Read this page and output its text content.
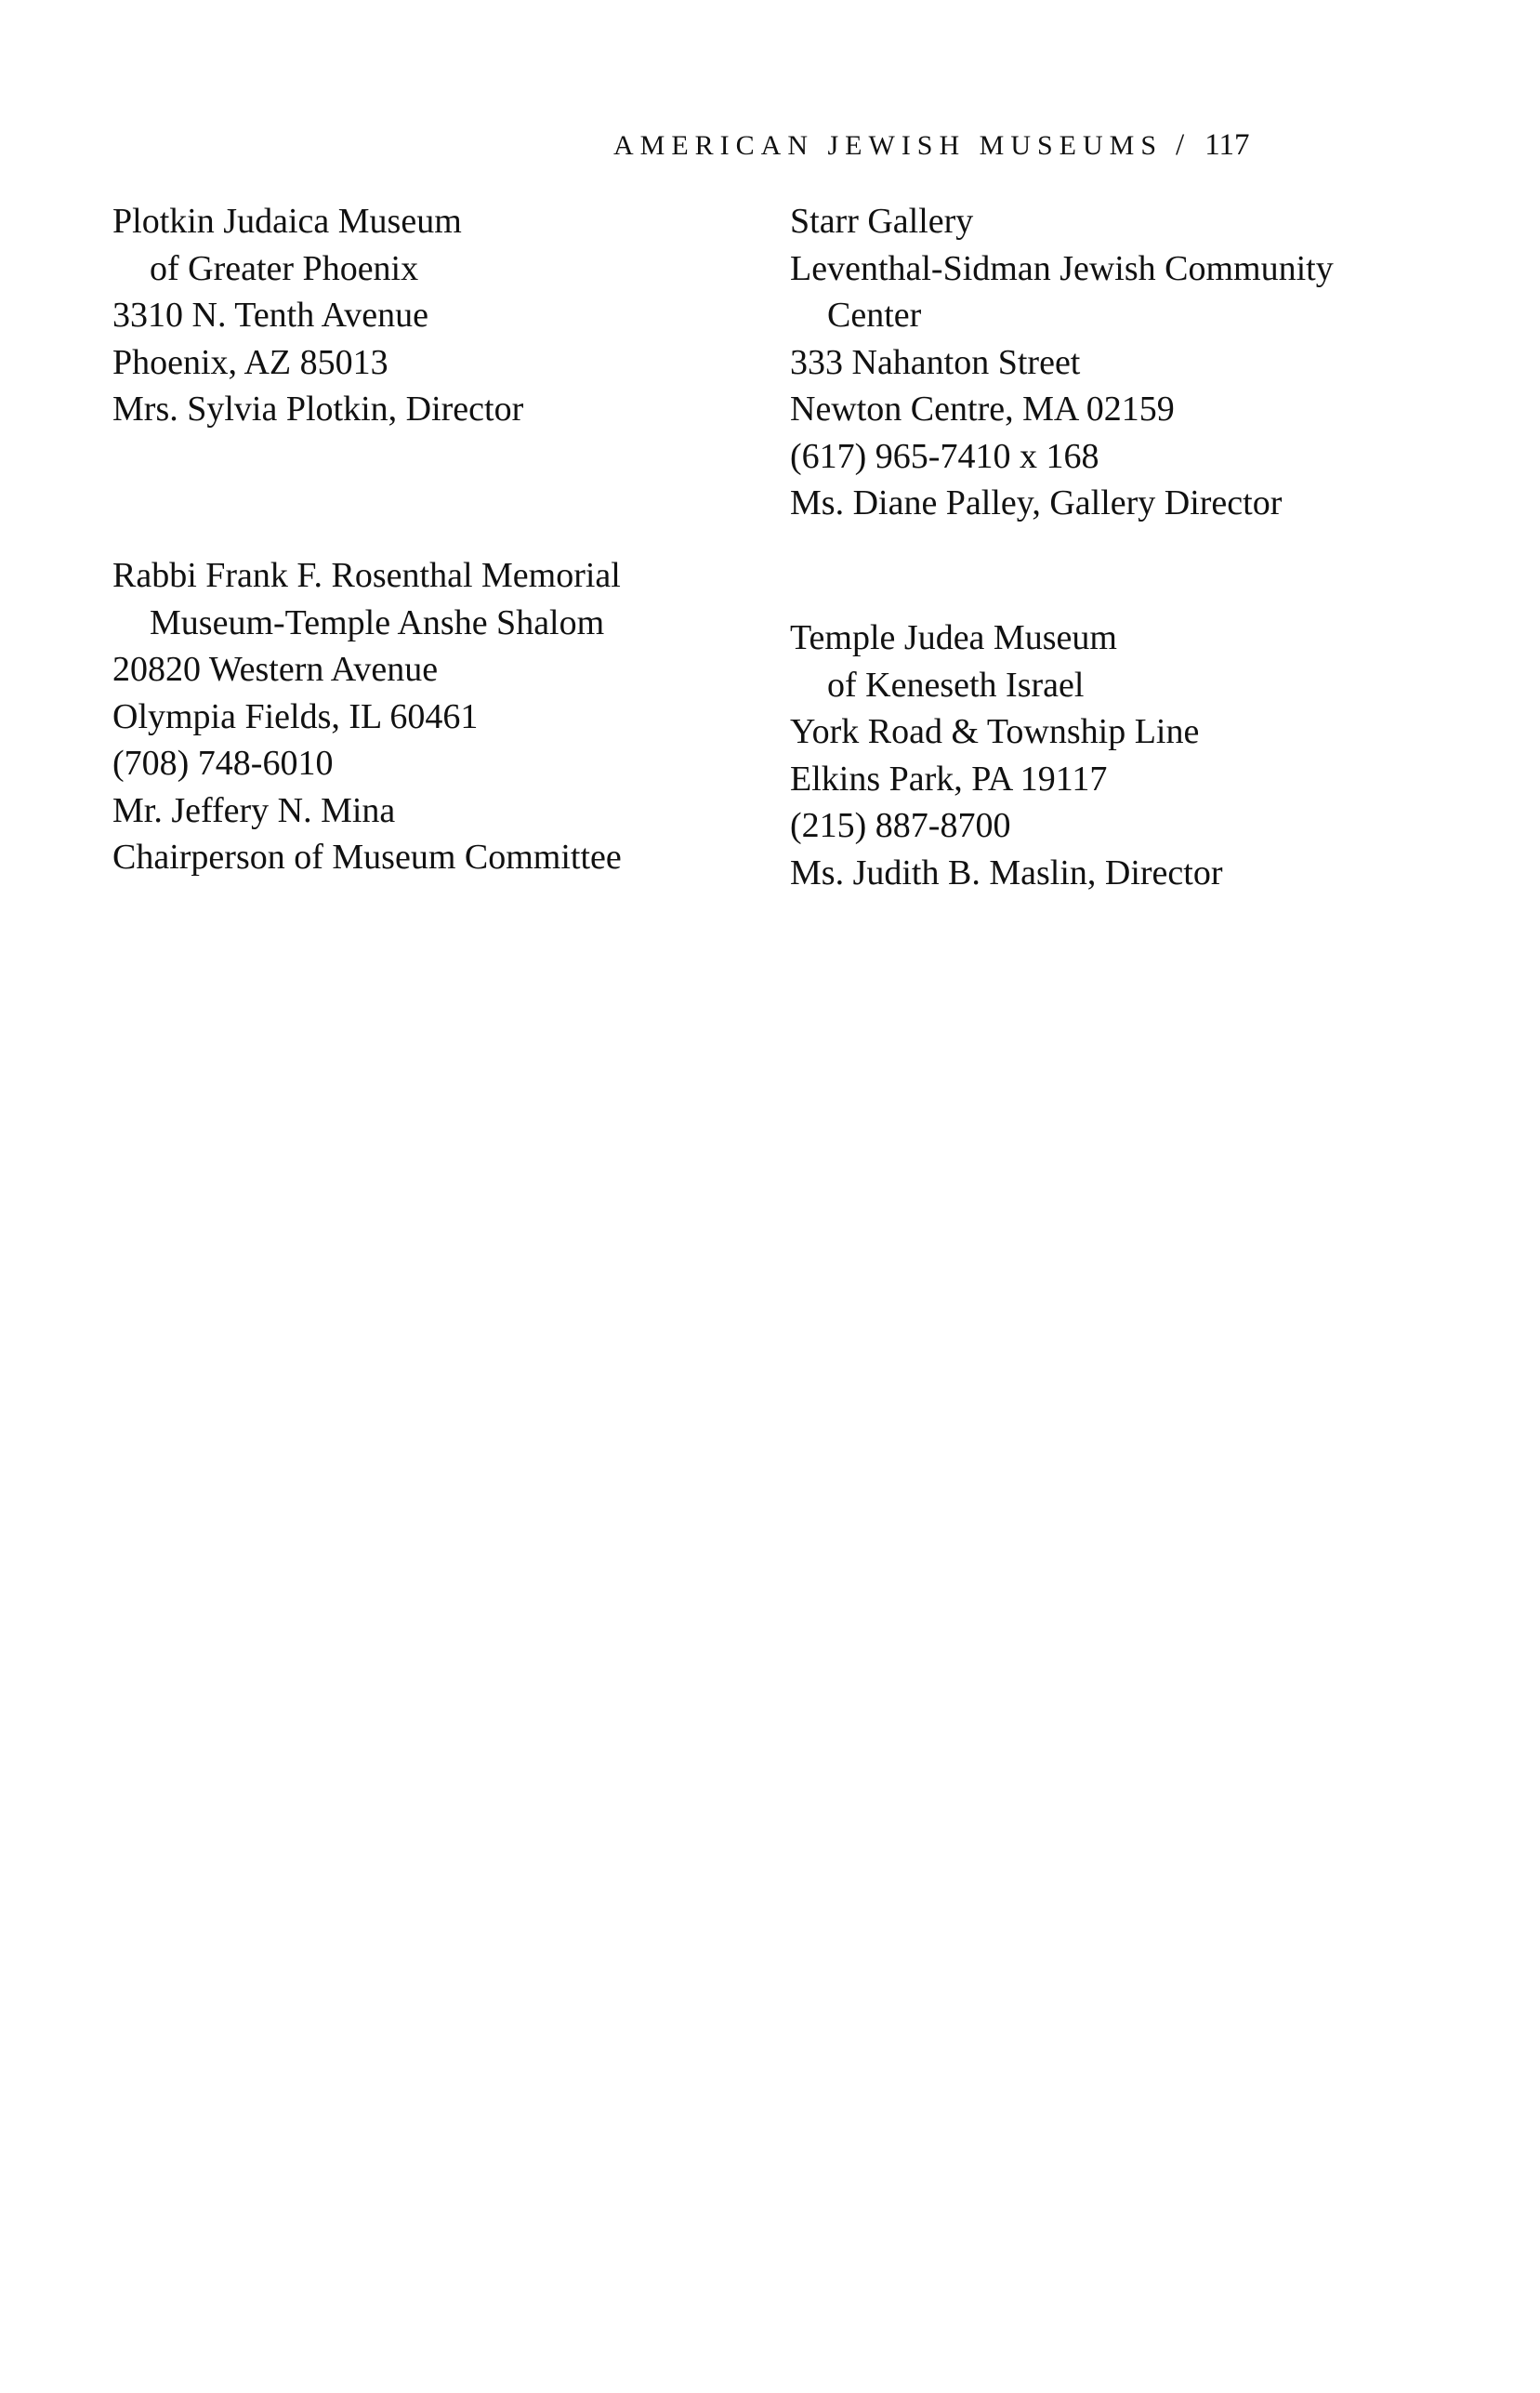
AMERICAN JEWISH MUSEUMS / 117
Plotkin Judaica Museum
of Greater Phoenix
3310 N. Tenth Avenue
Phoenix, AZ 85013
Mrs. Sylvia Plotkin, Director
Rabbi Frank F. Rosenthal Memorial
Museum-Temple Anshe Shalom
20820 Western Avenue
Olympia Fields, IL 60461
(708) 748-6010
Mr. Jeffery N. Mina
Chairperson of Museum Committee
Starr Gallery
Leventhal-Sidman Jewish Community
Center
333 Nahanton Street
Newton Centre, MA 02159
(617) 965-7410 x 168
Ms. Diane Palley, Gallery Director
Temple Judea Museum
of Keneseth Israel
York Road & Township Line
Elkins Park, PA 19117
(215) 887-8700
Ms. Judith B. Maslin, Director
